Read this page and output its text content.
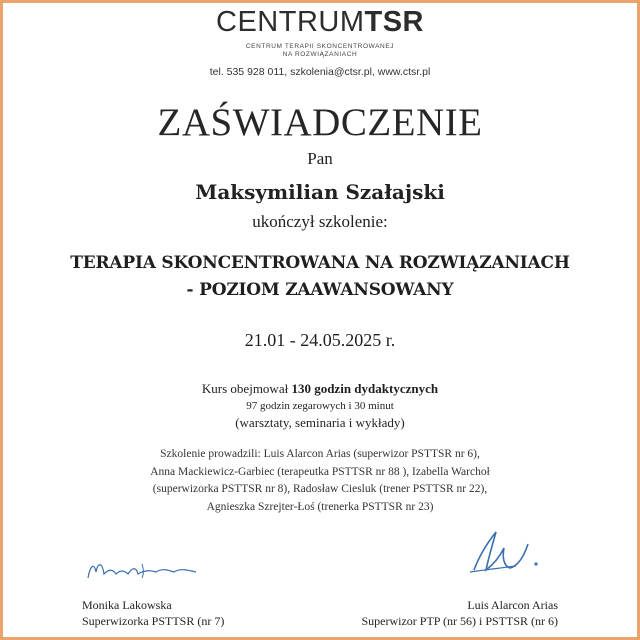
CENTRUMTSR
CENTRUM TERAPII SKONCENTROWANEJ
NA ROZWIĄZANIACH
tel. 535 928 011, szkolenia@ctsr.pl, www.ctsr.pl
ZAŚWIADCZENIE
Pan
Maksymilian Szałajski
ukończył szkolenie:
TERAPIA SKONCENTROWANA NA ROZWIĄZANIACH
- POZIOM ZAAWANSOWANY
21.01 - 24.05.2025 r.
Kurs obejmował 130 godzin dydaktycznych
97 godzin zegarowych i 30 minut
(warsztaty, seminaria i wykłady)
Szkolenie prowadzili: Luis Alarcon Arias (superwizor PSTTSR nr 6),
Anna Mackiewicz-Garbiec (terapeutka PSTTSR nr 88 ), Izabella Warchoł
(superwizorka PSTTSR nr 8), Radosław Ciesluk (trener PSTTSR nr 22),
Agnieszka Szrejter-Łoś (trenerka PSTTSR nr 23)
Monika Lakowska
Superwizorka PSTTSR (nr 7)
Luis Alarcon Arias
Superwizor PTP (nr 56) i PSTTSR (nr 6)
